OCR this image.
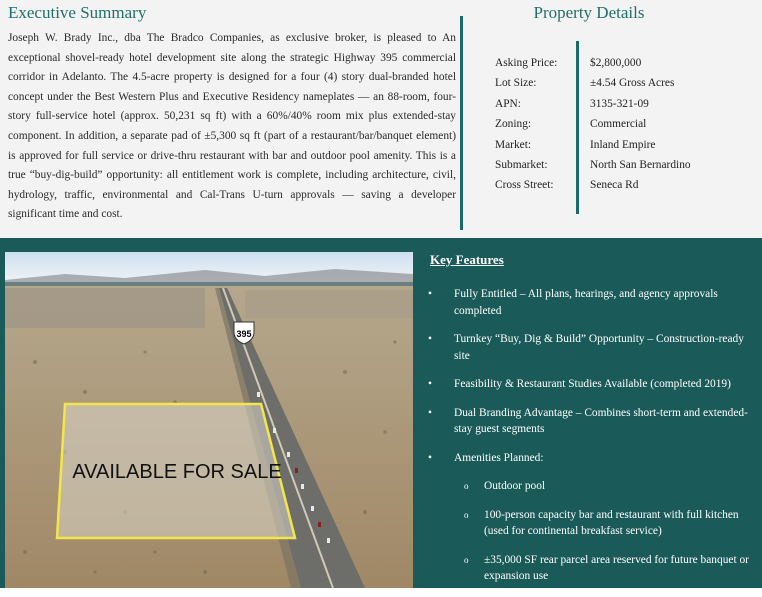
Executive Summary
Joseph W. Brady Inc., dba The Bradco Companies, as exclusive broker, is pleased to An exceptional shovel-ready hotel development site along the strategic Highway 395 commercial corridor in Adelanto. The 4.5-acre property is designed for a four (4) story dual-branded hotel concept under the Best Western Plus and Executive Residency nameplates — an 88-room, four-story full-service hotel (approx. 50,231 sq ft) with a 60%/40% room mix plus extended-stay component. In addition, a separate pad of ±5,300 sq ft (part of a restaurant/bar/banquet element) is approved for full service or drive-thru restaurant with bar and outdoor pool amenity. This is a true “buy-dig-build” opportunity: all entitlement work is complete, including architecture, civil, hydrology, traffic, environmental and Cal-Trans U-turn approvals — saving a developer significant time and cost.
Property Details
Asking Price:
Lot Size:
APN:
Zoning:
Market:
Submarket:
Cross Street:
$2,800,000
±4.54 Gross Acres
3135-321-09
Commercial
Inland Empire
North San Bernardino
Seneca Rd
395
AVAILABLE FOR SALE
Key Features
• Fully Entitled – All plans, hearings, and agency approvals completed
• Turnkey “Buy, Dig & Build” Opportunity – Construction-ready site
• Feasibility & Restaurant Studies Available (completed 2019)
• Dual Branding Advantage – Combines short-term and extended-stay guest segments
• Amenities Planned:
o Outdoor pool
o 100-person capacity bar and restaurant with full kitchen (used for continental breakfast service)
o ±35,000 SF rear parcel area reserved for future banquet or expansion use
